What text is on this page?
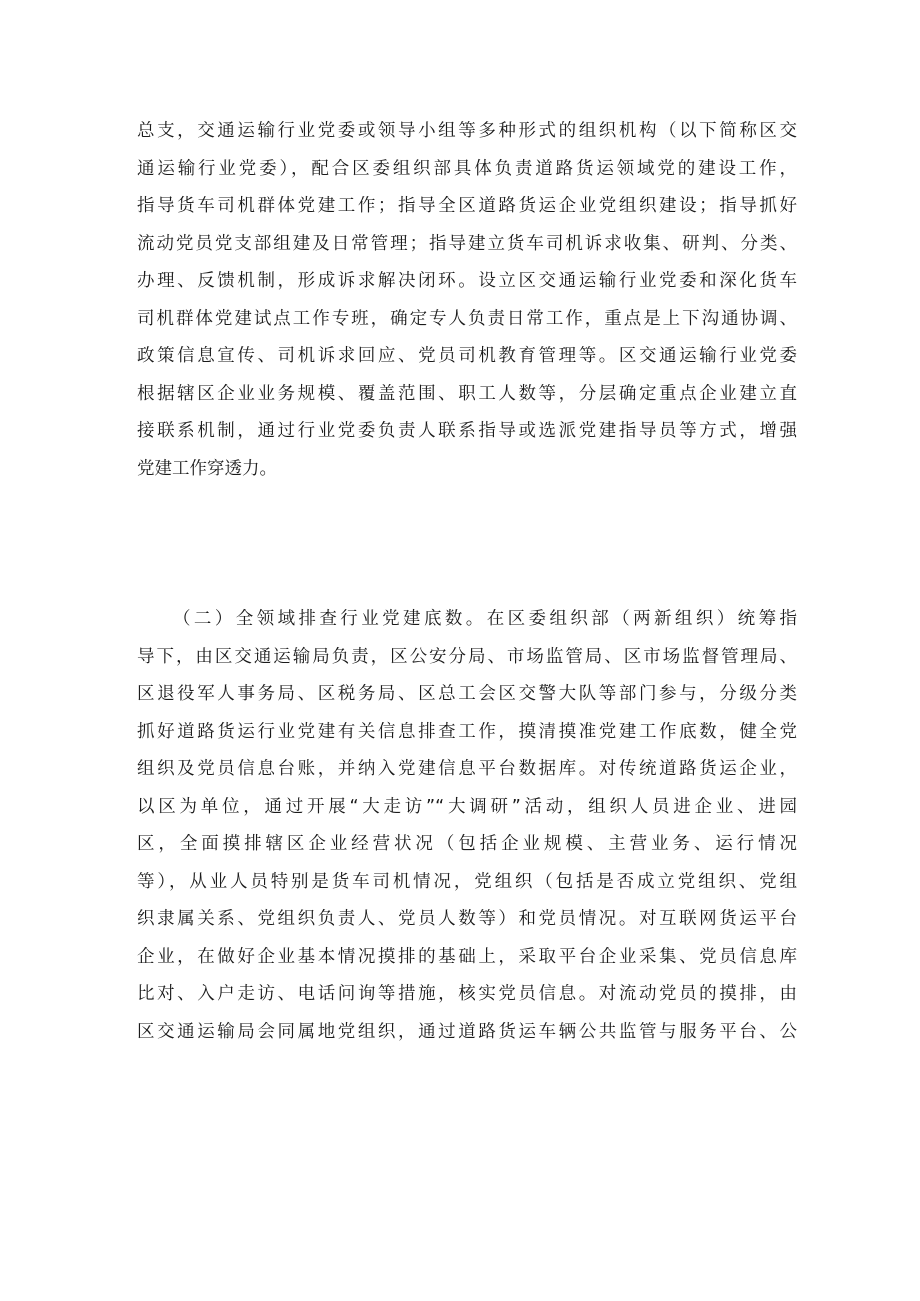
总支，交通运输行业党委或领导小组等多种形式的组织机构（以下简称区交
通运输行业党委），配合区委组织部具体负责道路货运领域党的建设工作，
指导货车司机群体党建工作；指导全区道路货运企业党组织建设；指导抓好
流动党员党支部组建及日常管理；指导建立货车司机诉求收集、研判、分类、
办理、反馈机制，形成诉求解决闭环。设立区交通运输行业党委和深化货车
司机群体党建试点工作专班，确定专人负责日常工作，重点是上下沟通协调、
政策信息宣传、司机诉求回应、党员司机教育管理等。区交通运输行业党委
根据辖区企业业务规模、覆盖范围、职工人数等，分层确定重点企业建立直
接联系机制，通过行业党委负责人联系指导或选派党建指导员等方式，增强
党建工作穿透力。
（二）全领域排查行业党建底数。在区委组织部（两新组织）统筹指
导下，由区交通运输局负责，区公安分局、市场监管局、区市场监督管理局、
区退役军人事务局、区税务局、区总工会区交警大队等部门参与，分级分类
抓好道路货运行业党建有关信息排查工作，摸清摸准党建工作底数，健全党
组织及党员信息台账，并纳入党建信息平台数据库。对传统道路货运企业，
以区为单位，通过开展“大走访”“大调研”活动，组织人员进企业、进园
区，全面摸排辖区企业经营状况（包括企业规模、主营业务、运行情况
等），从业人员特别是货车司机情况，党组织（包括是否成立党组织、党组
织隶属关系、党组织负责人、党员人数等）和党员情况。对互联网货运平台
企业，在做好企业基本情况摸排的基础上，采取平台企业采集、党员信息库
比对、入户走访、电话问询等措施，核实党员信息。对流动党员的摸排，由
区交通运输局会同属地党组织，通过道路货运车辆公共监管与服务平台、公
